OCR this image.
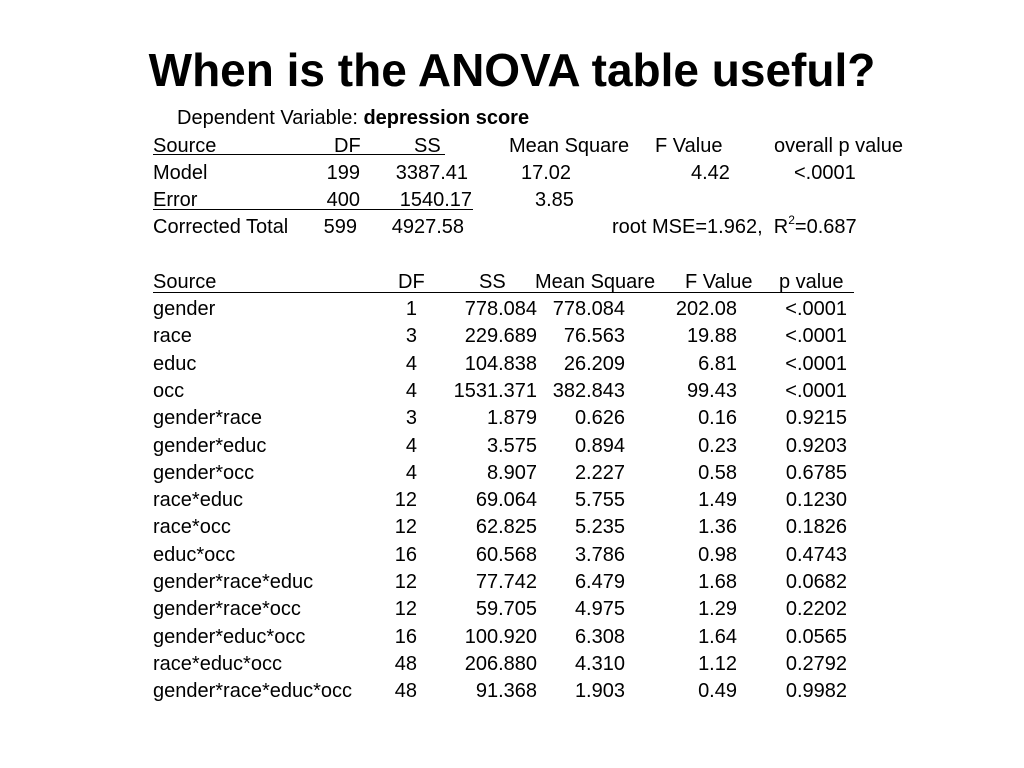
When is the ANOVA table useful?
Dependent Variable: depression score
Source	DF	SS	Mean Square F Value	overall p value
Model	199	3387.41	17.02	4.42	<.0001
Error	400	1540.17	3.85
Corrected Total	599	4927.58	root MSE=1.962, $R^2=0.687$
Source	DF	SS Mean Square F Value p value
gender	1	778.084 778.084	202.08	<.0001
race	3	229.689	76.563	19.88	<.0001
educ	4	104.838	26.209	6.81	<.0001
occ	4	1531.371 382.843	99.43	<.0001
gender*race	3	1.879	0.626	0.16	0.9215
gender*educ	4	3.575	0.894	0.23	0.9203
gender*occ	4	8.907	2.227	0.58	0.6785
race*educ	12	69.064	5.755	1.49	0.1230
race*occ	12	62.825	5.235	1.36	0.1826
educ*occ	16	60.568	3.786	0.98	0.4743
gender*race*educ	12	77.742	6.479	1.68	0.0682
gender*race*occ	12	59.705	4.975	1.29	0.2202
gender*educ*occ	16	100.920	6.308	1.64	0.0565
race*educ*occ	48	206.880	4.310	1.12	0.2792
gender*race*educ*occ	48	91.368	1.903	0.49	0.9982
